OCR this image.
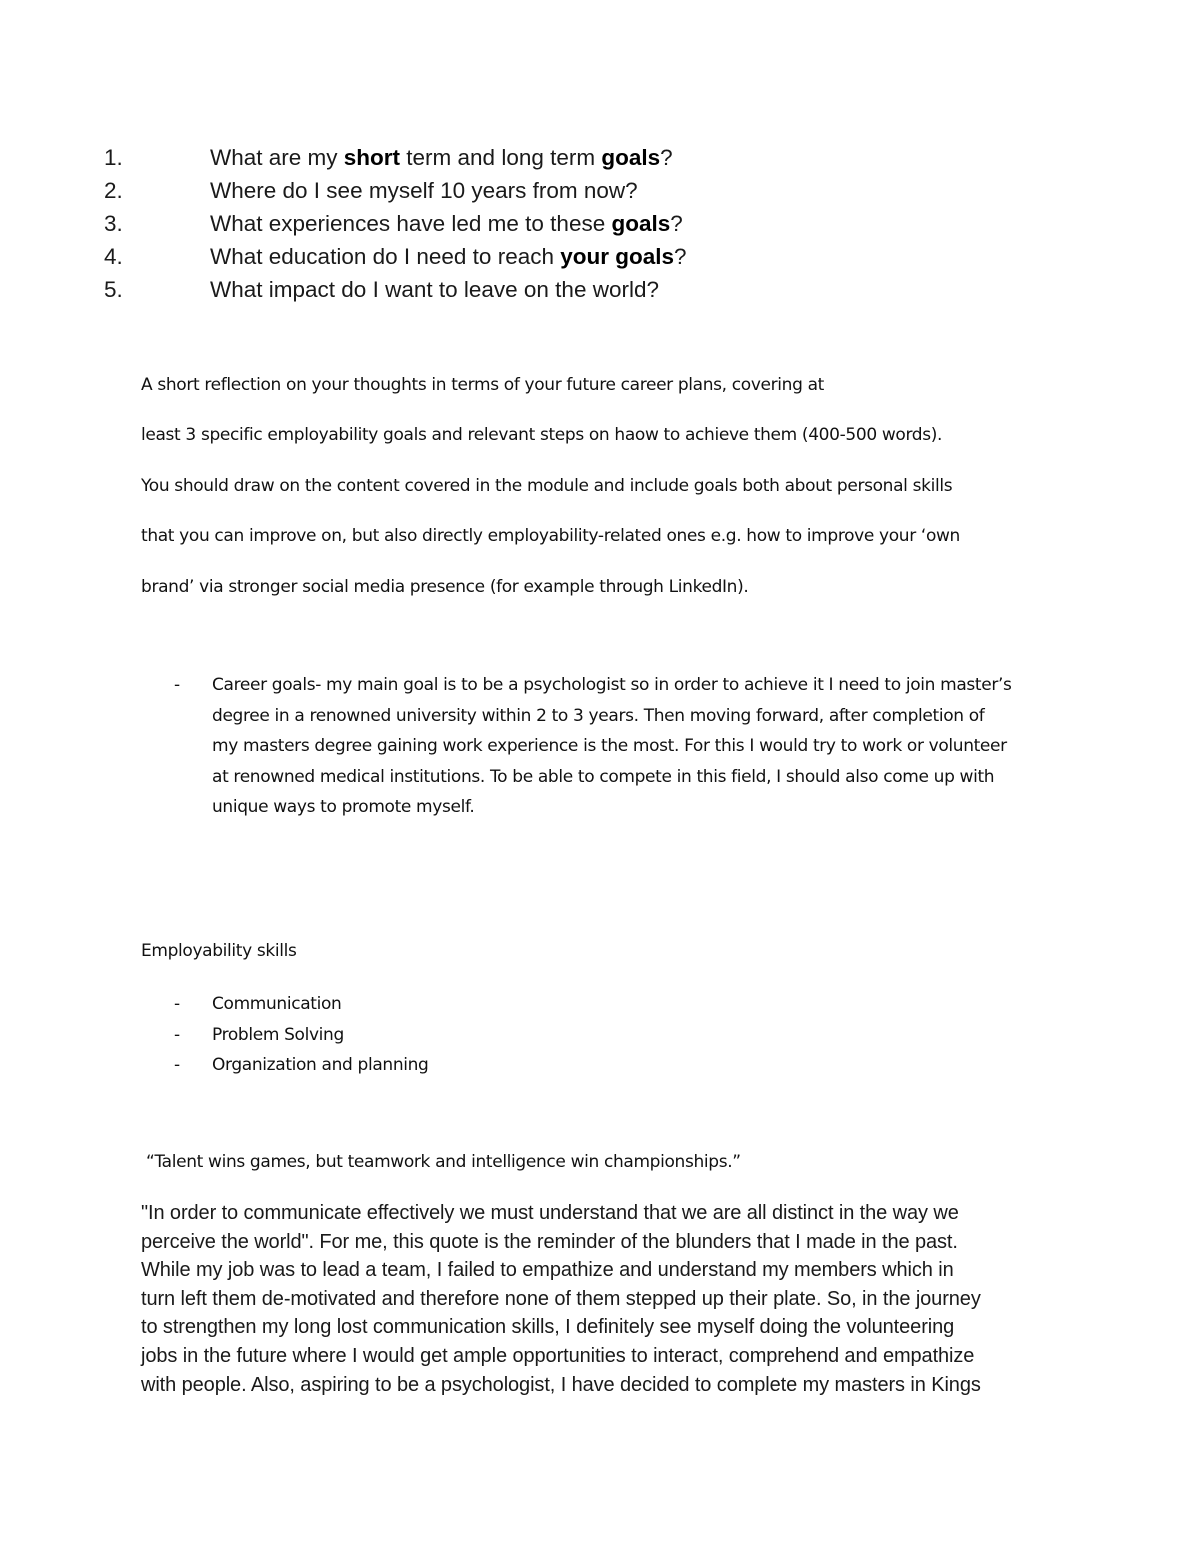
1.	What are my short term and long term goals?
2.	Where do I see myself 10 years from now?
3.	What experiences have led me to these goals?
4.	What education do I need to reach your goals?
5.	What impact do I want to leave on the world?

A short reflection on your thoughts in terms of your future career plans, covering at

least 3 specific employability goals and relevant steps on haow to achieve them (400-500 words).

You should draw on the content covered in the module and include goals both about personal skills

that you can improve on, but also directly employability-related ones e.g. how to improve your ‘own

brand’ via stronger social media presence (for example through LinkedIn).

- Career goals- my main goal is to be a psychologist so in order to achieve it I need to join master’s
degree in a renowned university within 2 to 3 years. Then moving forward, after completion of
my masters degree gaining work experience is the most. For this I would try to work or volunteer
at renowned medical institutions. To be able to compete in this field, I should also come up with
unique ways to promote myself.
Employability skills
- Communication
- Problem Solving
- Organization and planning
“Talent wins games, but teamwork and intelligence win championships.”
"In order to communicate effectively we must understand that we are all distinct in the way we
perceive the world". For me, this quote is the reminder of the blunders that I made in the past.
While my job was to lead a team, I failed to empathize and understand my members which in
turn left them de-motivated and therefore none of them stepped up their plate. So, in the journey
to strengthen my long lost communication skills, I definitely see myself doing the volunteering
jobs in the future where I would get ample opportunities to interact, comprehend and empathize
with people. Also, aspiring to be a psychologist, I have decided to complete my masters in Kings
